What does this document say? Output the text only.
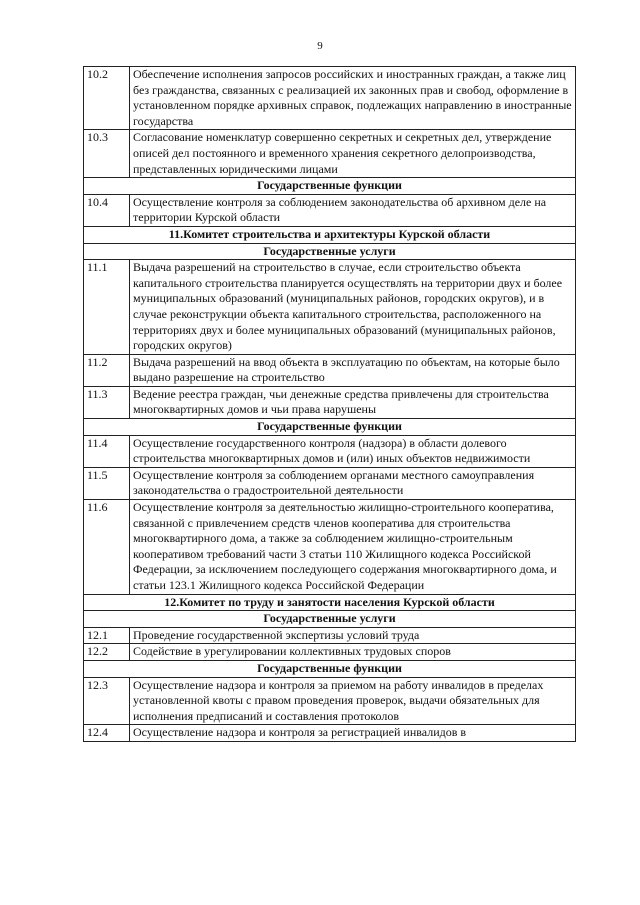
9
10.2	Обеспечение исполнения запросов российских и иностранных граждан, а также лиц без гражданства, связанных с реализацией их законных прав и свобод, оформление в установленном порядке архивных справок, подлежащих направлению в иностранные государства
10.3	Согласование номенклатур совершенно секретных и секретных дел, утверждение описей дел постоянного и временного хранения секретного делопроизводства, представленных юридическими лицами
Государственные функции	
10.4	Осуществление контроля за соблюдением законодательства об архивном деле на территории Курской области
11.Комитет строительства и архитектуры Курской области	
Государственные услуги	
11.1	Выдача разрешений на строительство в случае, если строительство объекта капитального строительства планируется осуществлять на территории двух и более муниципальных образований (муниципальных районов, городских округов), и в случае реконструкции объекта капитального строительства, расположенного на территориях двух и более муниципальных образований (муниципальных районов, городских округов)
11.2	Выдача разрешений на ввод объекта в эксплуатацию по объектам, на которые было выдано разрешение на строительство
11.3	Ведение реестра граждан, чьи денежные средства привлечены для строительства многоквартирных домов и чьи права нарушены
Государственные функции	
11.4	Осуществление государственного контроля (надзора) в области долевого строительства многоквартирных домов и (или) иных объектов недвижимости
11.5	Осуществление контроля за соблюдением органами местного самоуправления законодательства о градостроительной деятельности
11.6	Осуществление контроля за деятельностью жилищно-строительного кооператива, связанной с привлечением средств членов кооператива для строительства многоквартирного дома, а также за соблюдением жилищно-строительным кооперативом требований части 3 статьи 110 Жилищного кодекса Российской Федерации, за исключением последующего содержания многоквартирного дома, и статьи 123.1 Жилищного кодекса Российской Федерации
12.Комитет по труду и занятости населения Курской области	
Государственные услуги	
12.1	Проведение государственной экспертизы условий труда
12.2	Содействие в урегулировании коллективных трудовых споров
Государственные функции	
12.3	Осуществление надзора и контроля за приемом на работу инвалидов в пределах установленной квоты с правом проведения проверок, выдачи обязательных для исполнения предписаний и составления протоколов
12.4	Осуществление надзора и контроля за регистрацией инвалидов в
